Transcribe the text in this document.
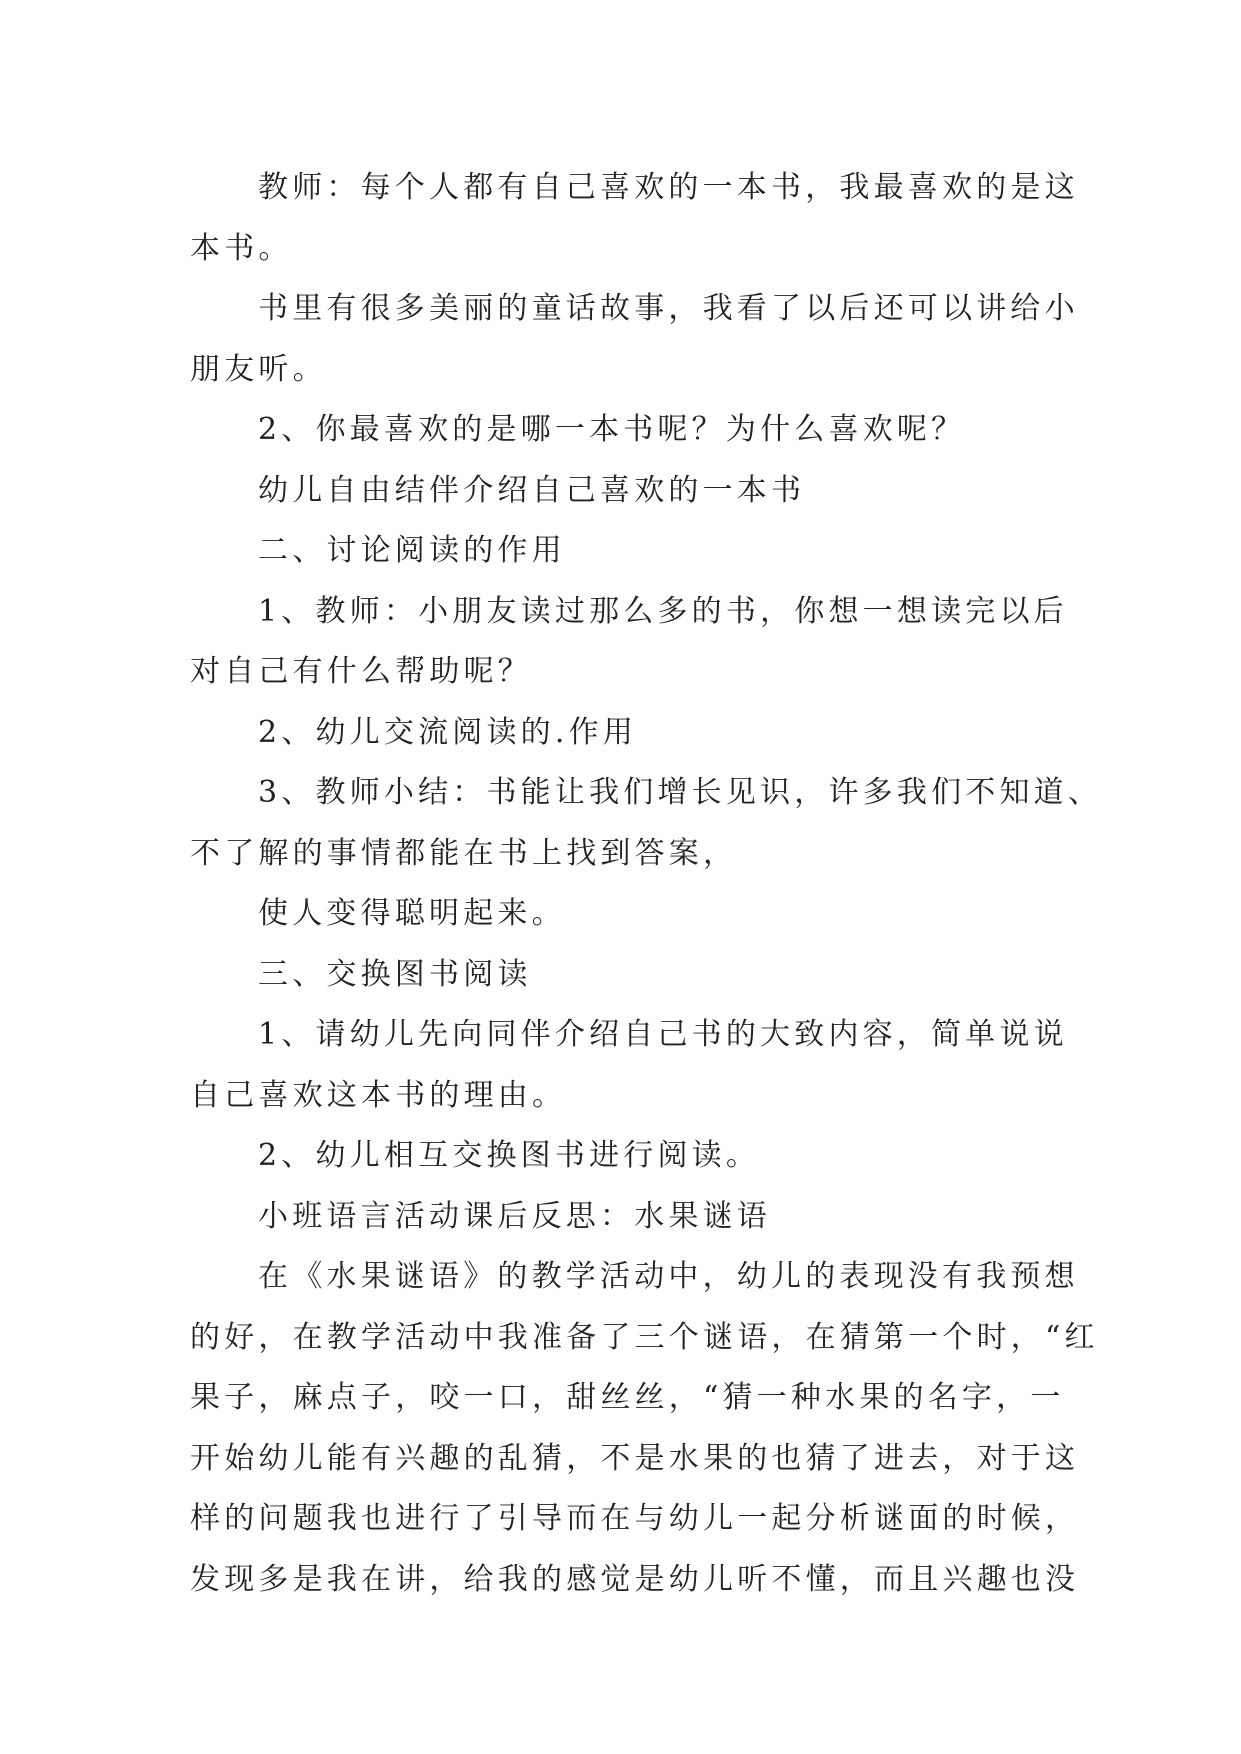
教师：每个人都有自己喜欢的一本书，我最喜欢的是这

本书。

书里有很多美丽的童话故事，我看了以后还可以讲给小

朋友听。

2、你最喜欢的是哪一本书呢？为什么喜欢呢？

幼儿自由结伴介绍自己喜欢的一本书

二、讨论阅读的作用

1、教师：小朋友读过那么多的书，你想一想读完以后

对自己有什么帮助呢？

2、幼儿交流阅读的.作用

3、教师小结：书能让我们增长见识，许多我们不知道、

不了解的事情都能在书上找到答案，

使人变得聪明起来。

三、交换图书阅读

1、请幼儿先向同伴介绍自己书的大致内容，简单说说

自己喜欢这本书的理由。

2、幼儿相互交换图书进行阅读。

小班语言活动课后反思：水果谜语

在《水果谜语》的教学活动中，幼儿的表现没有我预想

的好，在教学活动中我准备了三个谜语，在猜第一个时，“红

果子，麻点子，咬一口，甜丝丝，“猜一种水果的名字，一

开始幼儿能有兴趣的乱猜，不是水果的也猜了进去，对于这

样的问题我也进行了引导而在与幼儿一起分析谜面的时候，

发现多是我在讲，给我的感觉是幼儿听不懂，而且兴趣也没
